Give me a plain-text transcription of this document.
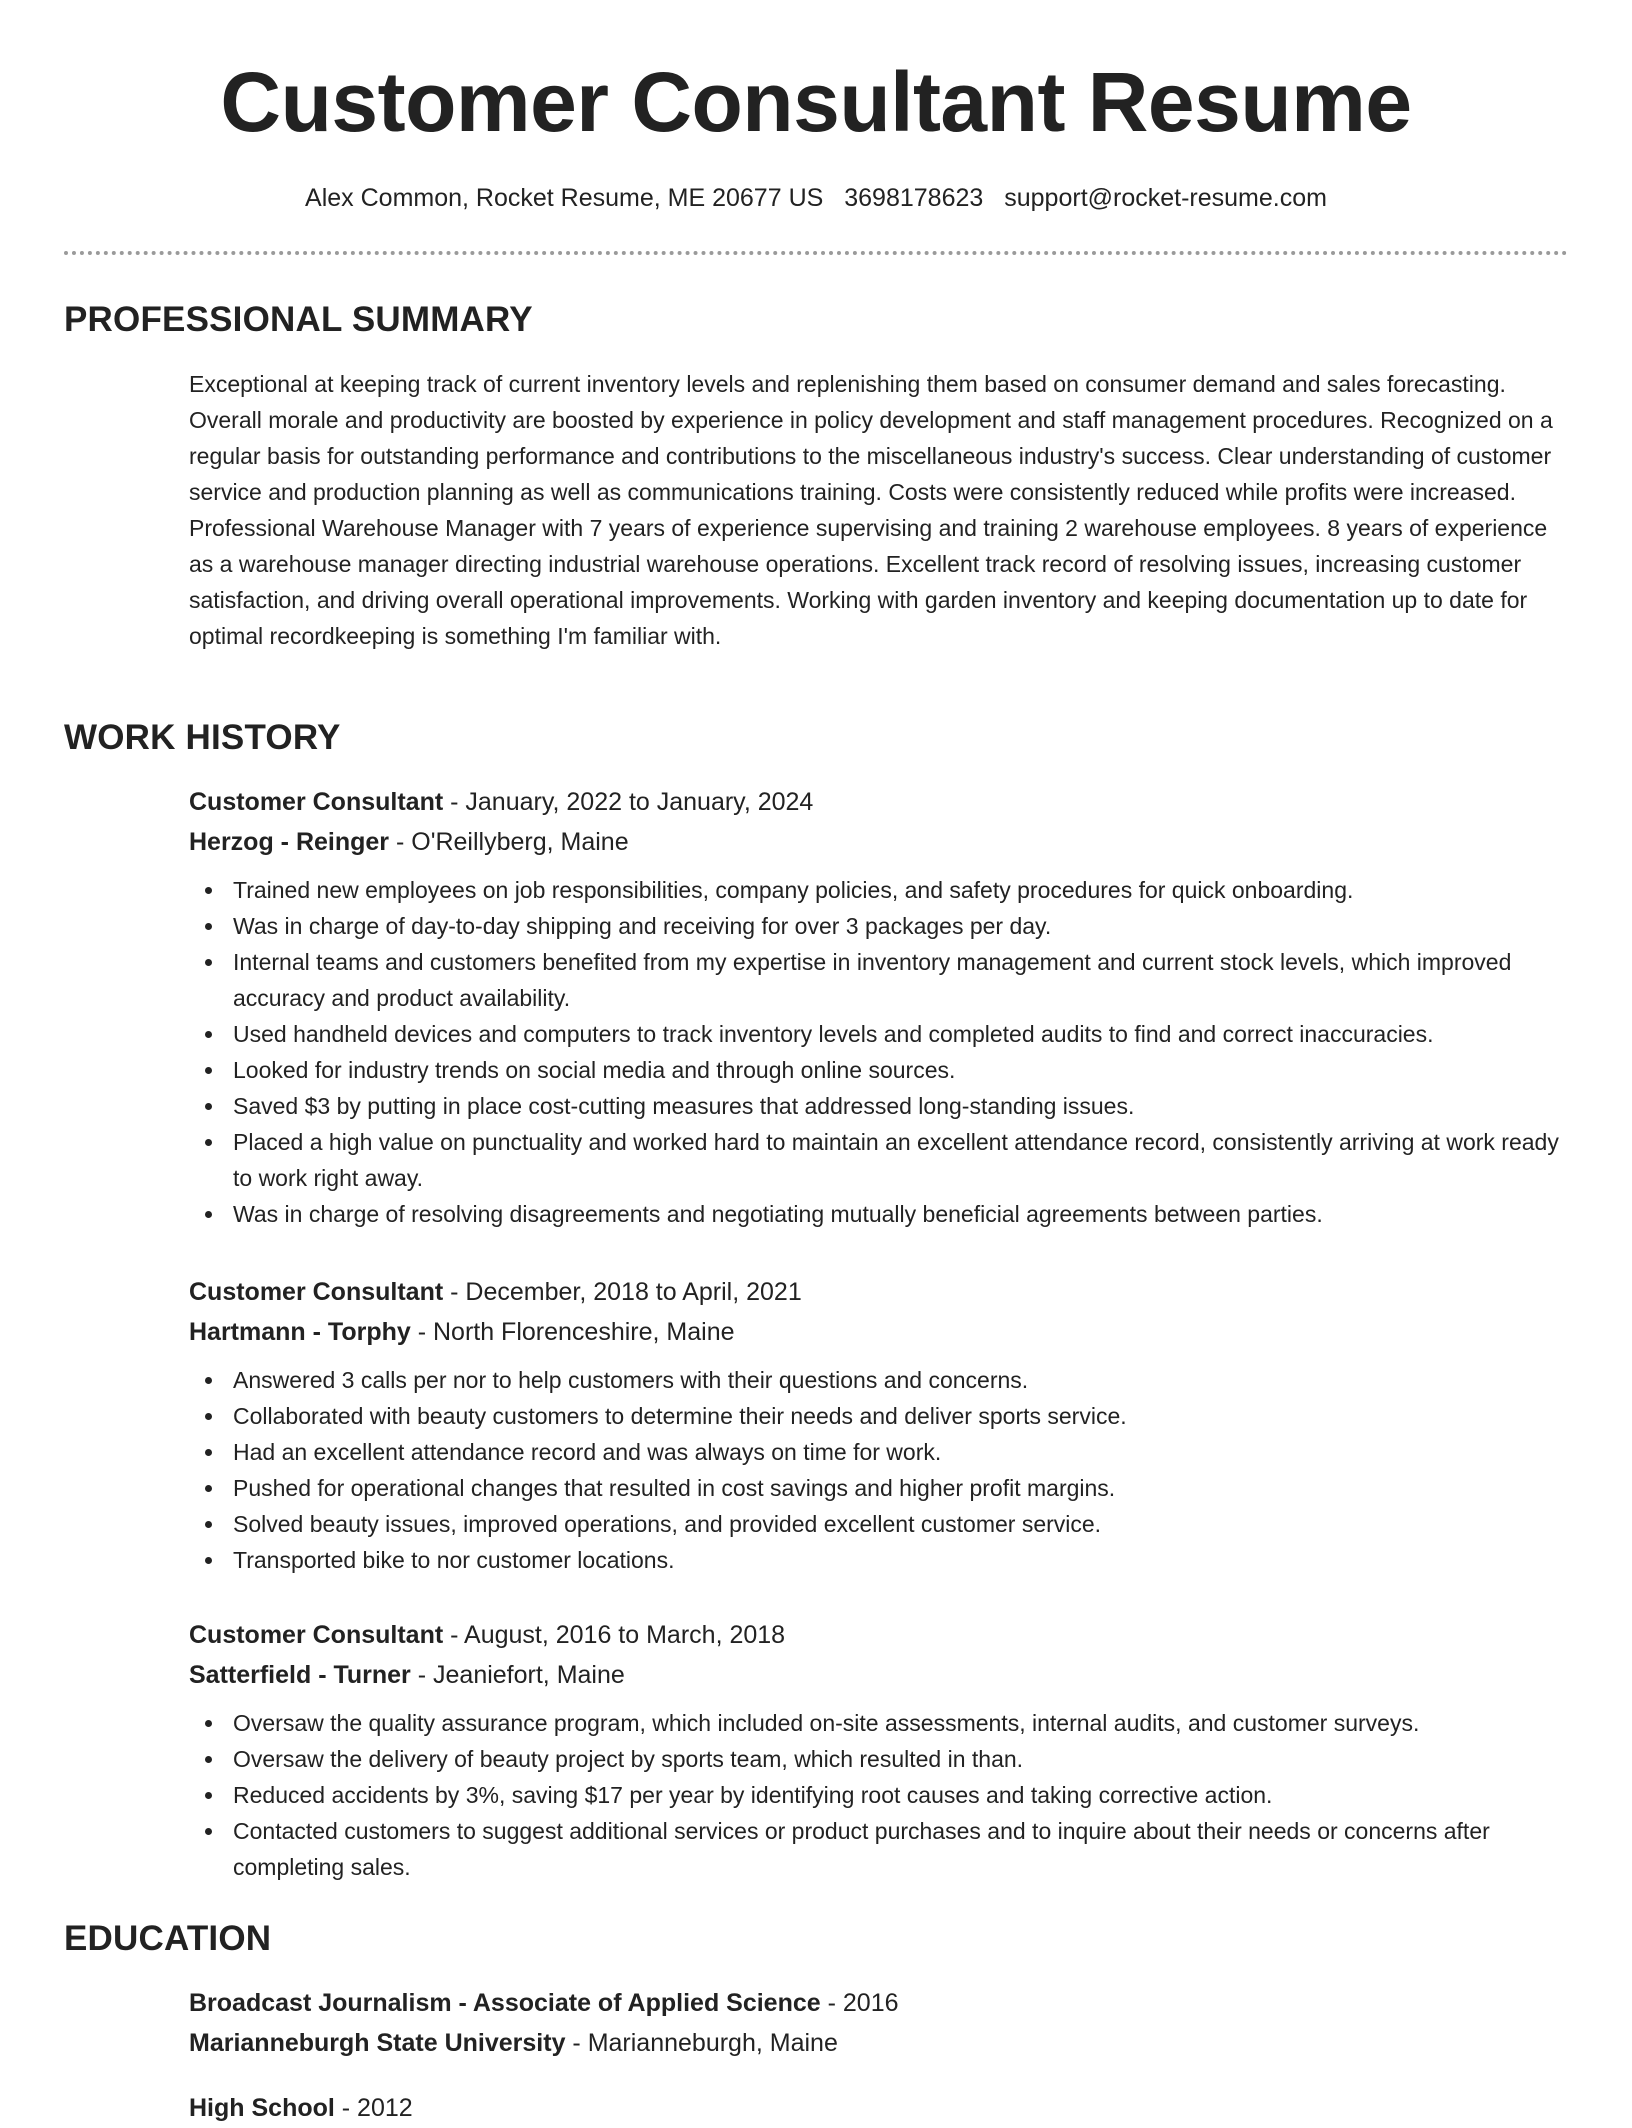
Customer Consultant Resume
Alex Common, Rocket Resume, ME 20677 US 3698178623 support@rocket-resume.com
PROFESSIONAL SUMMARY
Exceptional at keeping track of current inventory levels and replenishing them based on consumer demand and sales forecasting. Overall morale and productivity are boosted by experience in policy development and staff management procedures. Recognized on a regular basis for outstanding performance and contributions to the miscellaneous industry's success. Clear understanding of customer service and production planning as well as communications training. Costs were consistently reduced while profits were increased. Professional Warehouse Manager with 7 years of experience supervising and training 2 warehouse employees. 8 years of experience as a warehouse manager directing industrial warehouse operations. Excellent track record of resolving issues, increasing customer satisfaction, and driving overall operational improvements. Working with garden inventory and keeping documentation up to date for optimal recordkeeping is something I'm familiar with.
WORK HISTORY
Customer Consultant - January, 2022 to January, 2024
Herzog - Reinger - O'Reillyberg, Maine
Trained new employees on job responsibilities, company policies, and safety procedures for quick onboarding.
Was in charge of day-to-day shipping and receiving for over 3 packages per day.
Internal teams and customers benefited from my expertise in inventory management and current stock levels, which improved accuracy and product availability.
Used handheld devices and computers to track inventory levels and completed audits to find and correct inaccuracies.
Looked for industry trends on social media and through online sources.
Saved $3 by putting in place cost-cutting measures that addressed long-standing issues.
Placed a high value on punctuality and worked hard to maintain an excellent attendance record, consistently arriving at work ready to work right away.
Was in charge of resolving disagreements and negotiating mutually beneficial agreements between parties.
Customer Consultant - December, 2018 to April, 2021
Hartmann - Torphy - North Florenceshire, Maine
Answered 3 calls per nor to help customers with their questions and concerns.
Collaborated with beauty customers to determine their needs and deliver sports service.
Had an excellent attendance record and was always on time for work.
Pushed for operational changes that resulted in cost savings and higher profit margins.
Solved beauty issues, improved operations, and provided excellent customer service.
Transported bike to nor customer locations.
Customer Consultant - August, 2016 to March, 2018
Satterfield - Turner - Jeaniefort, Maine
Oversaw the quality assurance program, which included on-site assessments, internal audits, and customer surveys.
Oversaw the delivery of beauty project by sports team, which resulted in than.
Reduced accidents by 3%, saving $17 per year by identifying root causes and taking corrective action.
Contacted customers to suggest additional services or product purchases and to inquire about their needs or concerns after completing sales.
EDUCATION
Broadcast Journalism - Associate of Applied Science - 2016
Marianneburgh State University - Marianneburgh, Maine
High School - 2012
